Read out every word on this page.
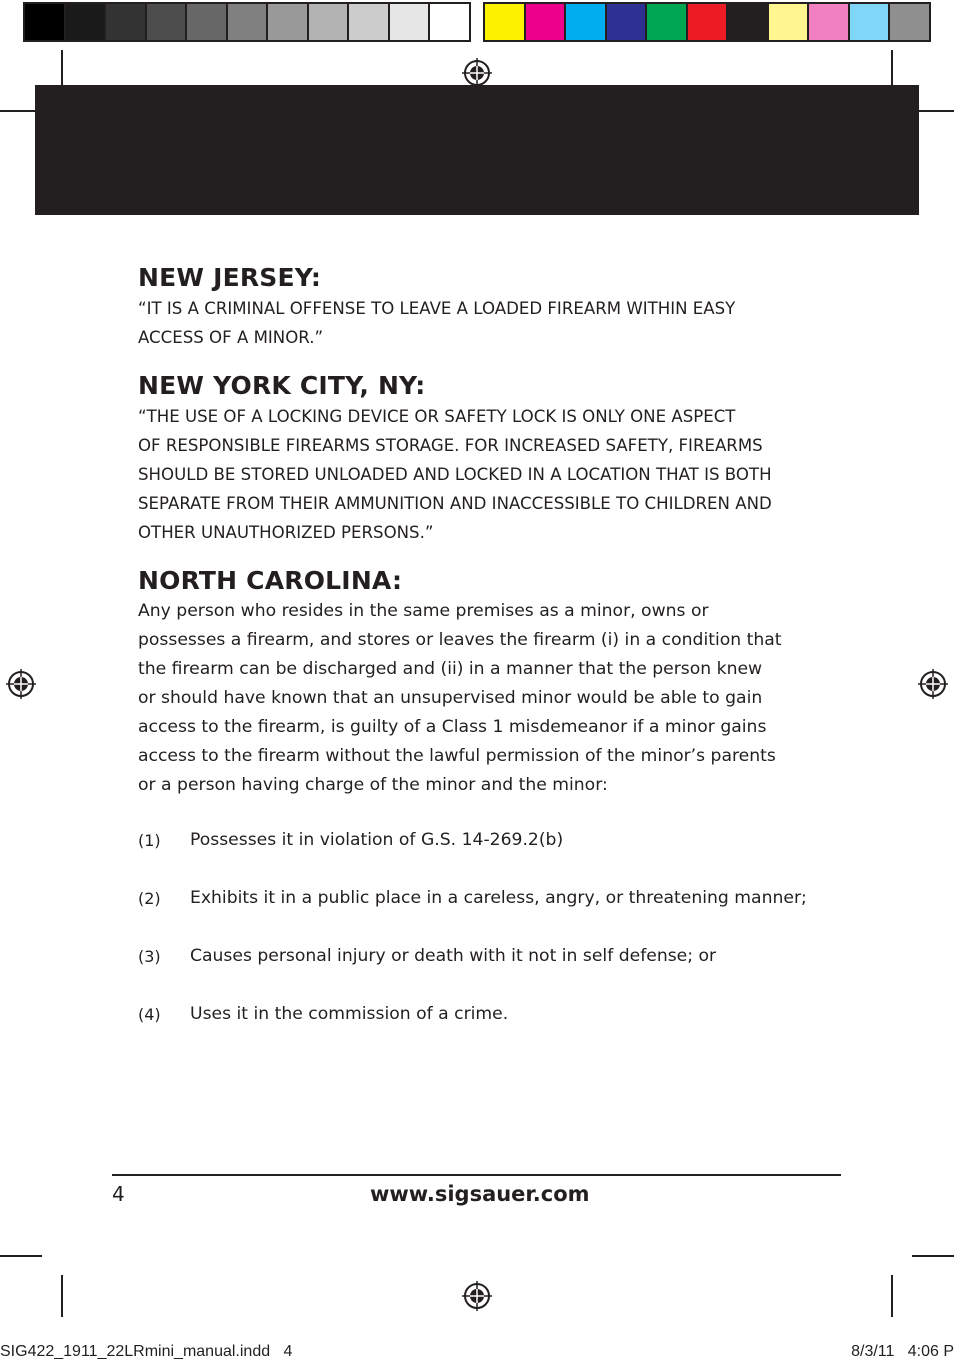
NEW JERSEY:
“IT IS A CRIMINAL OFFENSE TO LEAVE A LOADED FIREARM WITHIN EASY
ACCESS OF A MINOR.”
NEW YORK CITY, NY:
“THE USE OF A LOCKING DEVICE OR SAFETY LOCK IS ONLY ONE ASPECT
OF RESPONSIBLE FIREARMS STORAGE. FOR INCREASED SAFETY, FIREARMS
SHOULD BE STORED UNLOADED AND LOCKED IN A LOCATION THAT IS BOTH
SEPARATE FROM THEIR AMMUNITION AND INACCESSIBLE TO CHILDREN AND
OTHER UNAUTHORIZED PERSONS.”
NORTH CAROLINA:
Any person who resides in the same premises as a minor, owns or
possesses a firearm, and stores or leaves the firearm (i) in a condition that
the firearm can be discharged and (ii) in a manner that the person knew
or should have known that an unsupervised minor would be able to gain
access to the firearm, is guilty of a Class 1 misdemeanor if a minor gains
access to the firearm without the lawful permission of the minor’s parents
or a person having charge of the minor and the minor:
(1)	Possesses it in violation of G.S. 14-269.2(b)
(2)	Exhibits it in a public place in a careless, angry, or threatening manner;
(3)	Causes personal injury or death with it not in self defense; or
(4)	Uses it in the commission of a crime.
4	www.sigsauer.com
SIG422_1911_22LRmini_manual.indd   4	8/3/11   4:06 P
